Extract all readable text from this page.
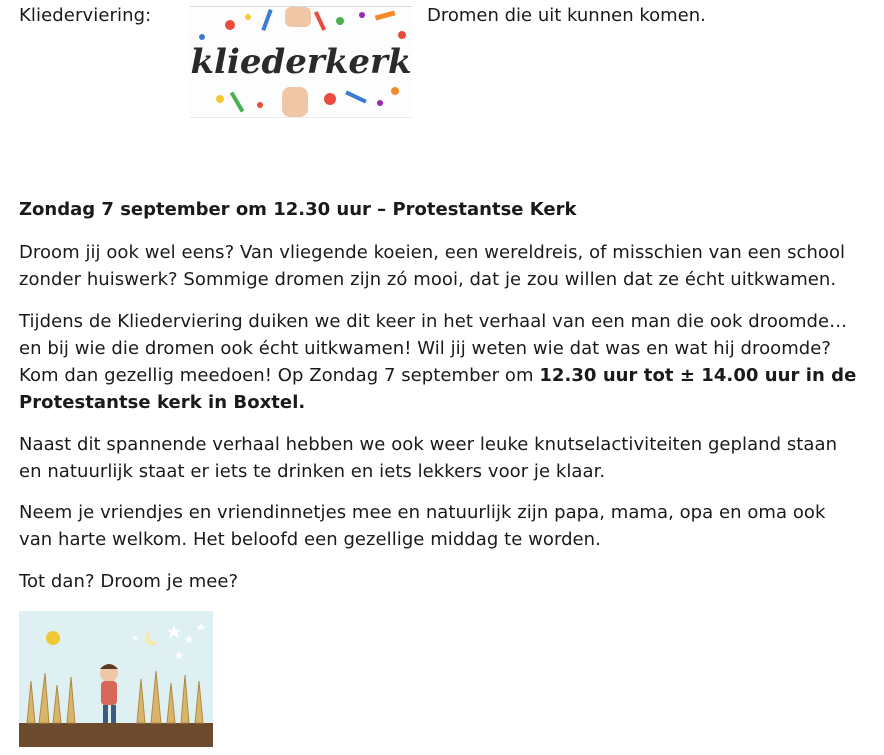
Kliederviering:
kliederkerk
Dromen die uit kunnen komen.
Zondag 7 september om 12.30 uur – Protestantse Kerk

Droom jij ook wel eens? Van vliegende koeien, een wereldreis, of misschien van een school zonder huiswerk? Sommige dromen zijn zó mooi, dat je zou willen dat ze écht uitkwamen.

Tijdens de Kliederviering duiken we dit keer in het verhaal van een man die ook droomde… en bij wie die dromen ook écht uitkwamen! Wil jij weten wie dat was en wat hij droomde? Kom dan gezellig meedoen! Op Zondag 7 september om 12.30 uur tot ± 14.00 uur in de Protestantse kerk in Boxtel.

Naast dit spannende verhaal hebben we ook weer leuke knutselactiviteiten gepland staan en natuurlijk staat er iets te drinken en iets lekkers voor je klaar.

Neem je vriendjes en vriendinnetjes mee en natuurlijk zijn papa, mama, opa en oma ook van harte welkom. Het beloofd een gezellige middag te worden.

Tot dan? Droom je mee?
